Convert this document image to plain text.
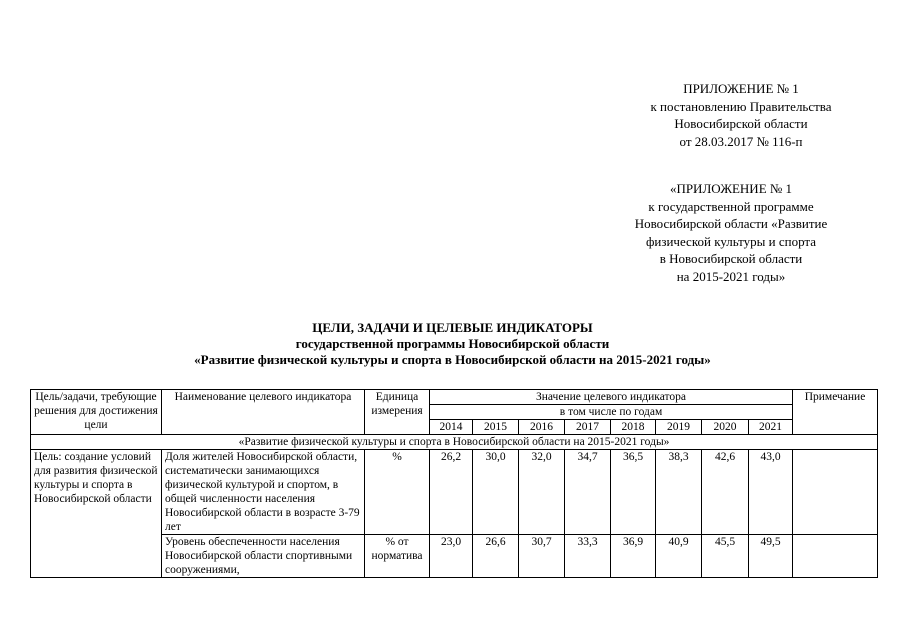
ПРИЛОЖЕНИЕ № 1
к постановлению Правительства
Новосибирской области
от 28.03.2017 № 116-п
«ПРИЛОЖЕНИЕ № 1
к государственной программе
Новосибирской области «Развитие
физической культуры и спорта
в Новосибирской области
на 2015-2021 годы»
ЦЕЛИ, ЗАДАЧИ И ЦЕЛЕВЫЕ ИНДИКАТОРЫ
государственной программы Новосибирской области
«Развитие физической культуры и спорта в Новосибирской области на 2015-2021 годы»
Цель/задачи, требующие решения для достижения цели	Наименование целевого индикатора	Единица измерения	Значение целевого индикатора								Примечание
			в том числе по годам								
			2014	2015	2016	2017	2018	2019	2020	2021	
«Развитие физической культуры и спорта в Новосибирской области на 2015-2021 годы»											
Цель: создание условий для развития физической культуры и спорта в Новосибирской области	Доля жителей Новосибирской области, систематически занимающихся физической культурой и спортом, в общей численности населения Новосибирской области в возрасте 3-79 лет	%	26,2	30,0	32,0	34,7	36,5	38,3	42,6	43,0	
	Уровень обеспеченности населения Новосибирской области спортивными сооружениями,	% от норматива	23,0	26,6	30,7	33,3	36,9	40,9	45,5	49,5	
